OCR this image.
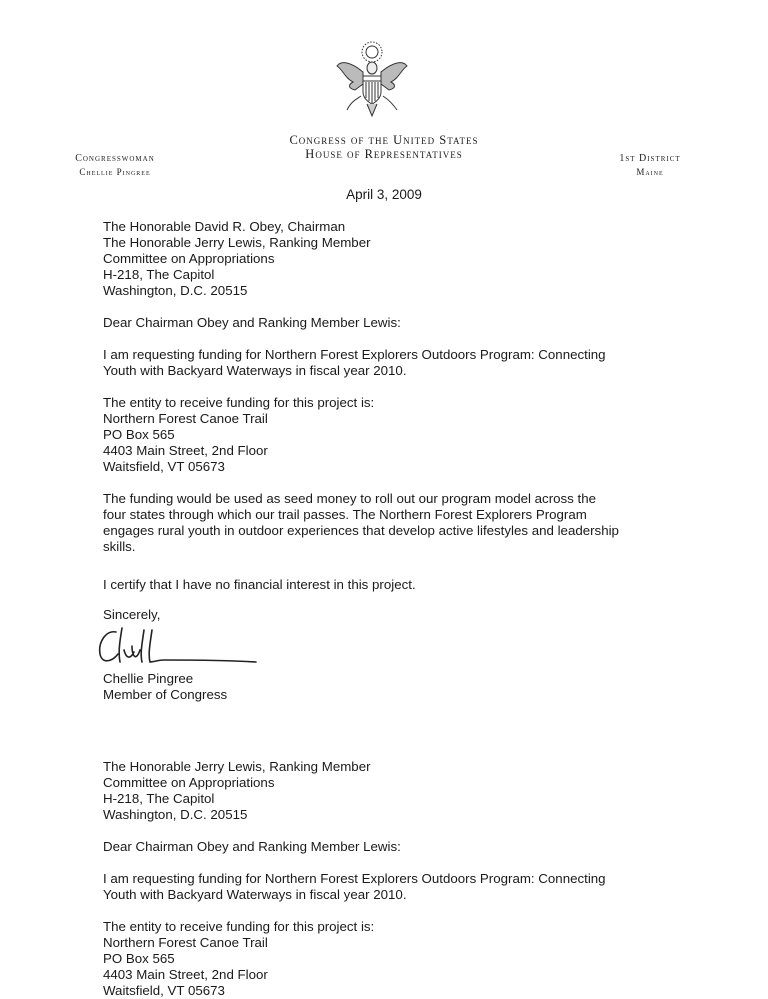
Congress of the United States
House of Representatives
Congresswoman
Chellie Pingree
1st District
Maine
April 3, 2009
The Honorable David R. Obey, Chairman
The Honorable Jerry Lewis, Ranking Member
Committee on Appropriations
H-218, The Capitol
Washington, D.C. 20515
Dear Chairman Obey and Ranking Member Lewis:
I am requesting funding for Northern Forest Explorers Outdoors Program: Connecting
Youth with Backyard Waterways in fiscal year 2010.
The entity to receive funding for this project is:
Northern Forest Canoe Trail
PO Box 565
4403 Main Street, 2nd Floor
Waitsfield, VT 05673
The funding would be used as seed money to roll out our program model across the
four states through which our trail passes. The Northern Forest Explorers Program
engages rural youth in outdoor experiences that develop active lifestyles and leadership
skills.
I certify that I have no financial interest in this project.
Sincerely,
Chellie Pingree
Member of Congress
The Honorable Jerry Lewis, Ranking Member
Committee on Appropriations
H-218, The Capitol
Washington, D.C. 20515
Dear Chairman Obey and Ranking Member Lewis:
I am requesting funding for Northern Forest Explorers Outdoors Program: Connecting
Youth with Backyard Waterways in fiscal year 2010.
The entity to receive funding for this project is:
Northern Forest Canoe Trail
PO Box 565
4403 Main Street, 2nd Floor
Waitsfield, VT 05673
